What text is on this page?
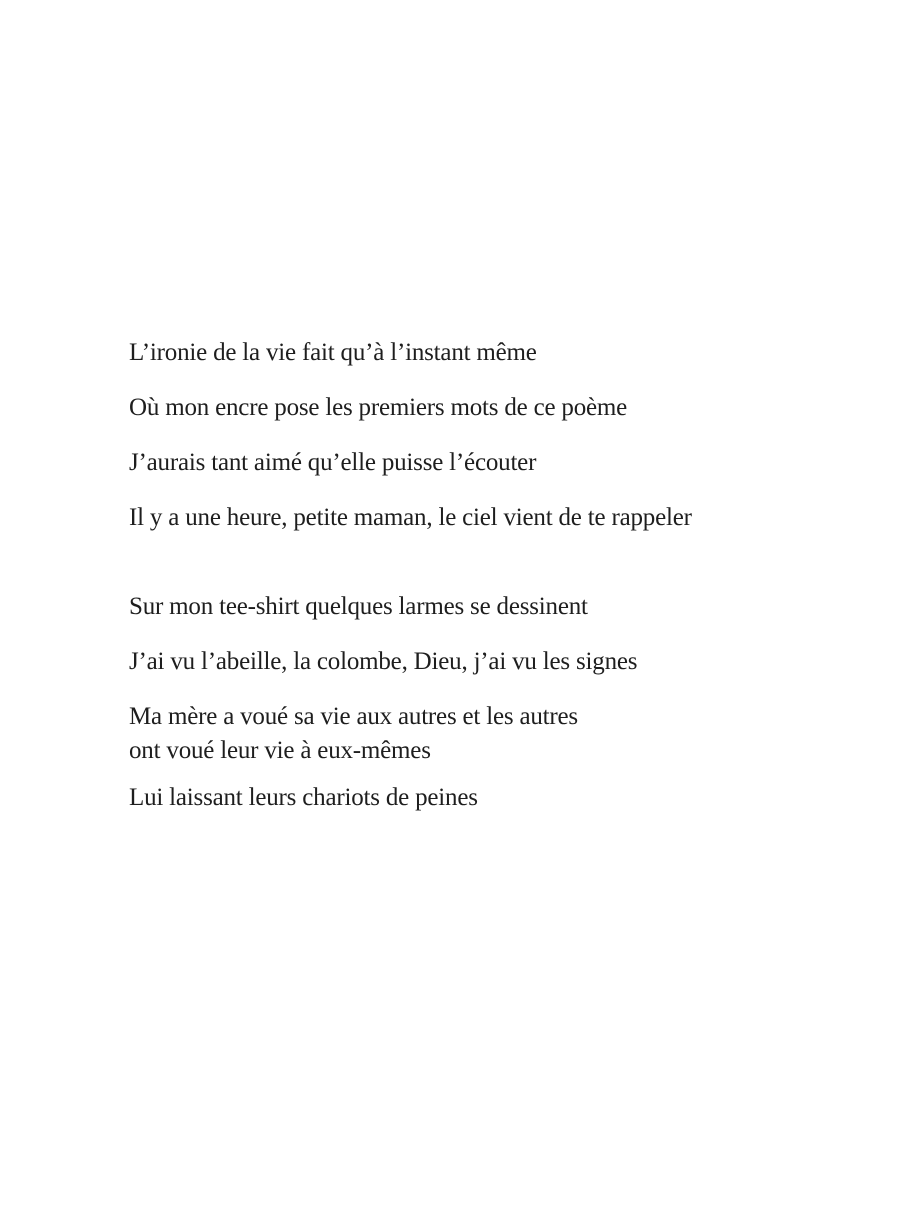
L’ironie de la vie fait qu’à l’instant même
Où mon encre pose les premiers mots de ce poème
J’aurais tant aimé qu’elle puisse l’écouter
Il y a une heure, petite maman, le ciel vient de te rappeler
Sur mon tee-shirt quelques larmes se dessinent
J’ai vu l’abeille, la colombe, Dieu, j’ai vu les signes
Ma mère a voué sa vie aux autres et les autres
ont voué leur vie à eux-mêmes
Lui laissant leurs chariots de peines
